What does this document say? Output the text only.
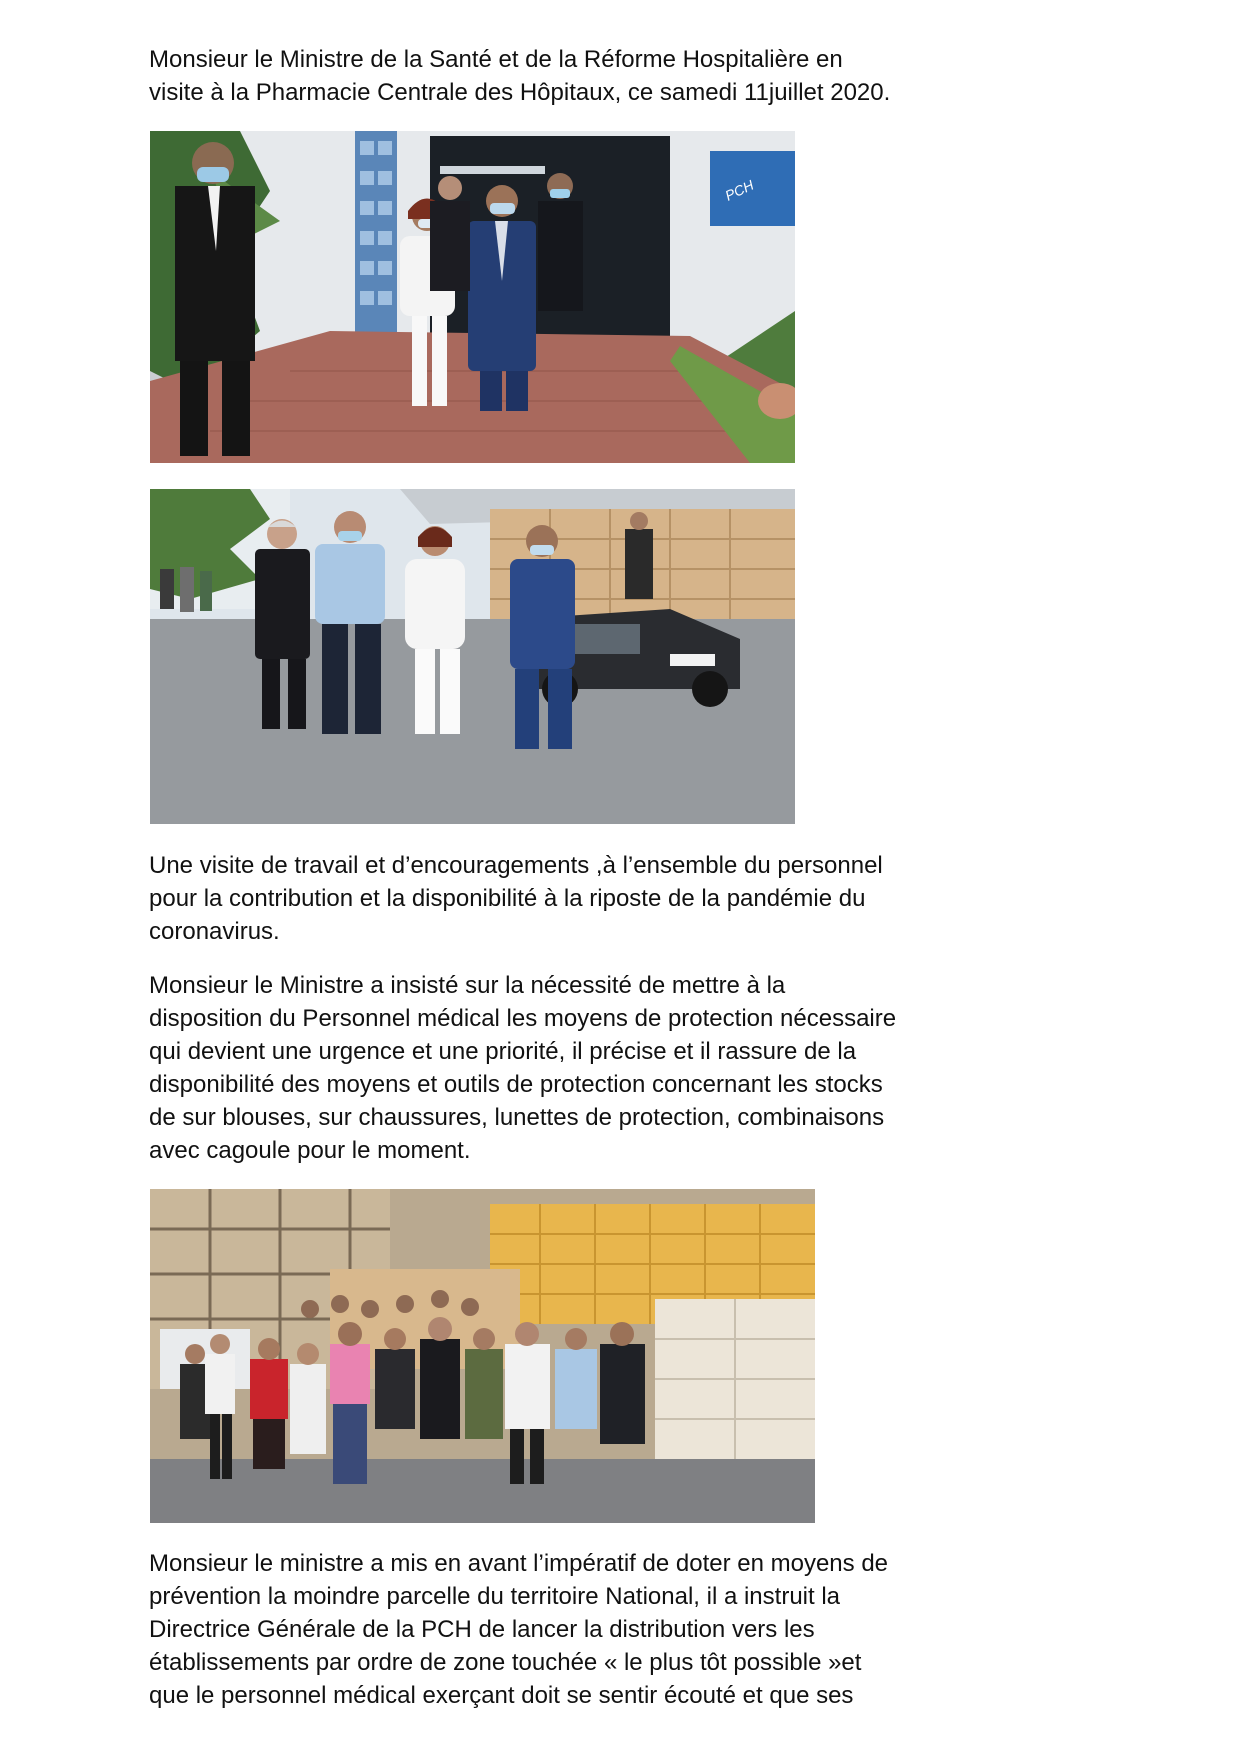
Monsieur le Ministre de la Santé et de la Réforme Hospitalière en
visite à la Pharmacie Centrale des Hôpitaux, ce samedi 11juillet 2020.

PCH

Une visite de travail et d’encouragements ,à l’ensemble du personnel
pour la contribution et la disponibilité à la riposte de la pandémie du
coronavirus.

Monsieur le Ministre a insisté sur la nécessité de mettre à la
disposition du Personnel médical les moyens de protection nécessaire
qui devient une urgence et une priorité, il précise et il rassure de la
disponibilité des moyens et outils de protection concernant les stocks
de sur blouses, sur chaussures, lunettes de protection, combinaisons
avec cagoule pour le moment.

Monsieur le ministre a mis en avant l’impératif de doter en moyens de
prévention la moindre parcelle du territoire National, il a instruit la
Directrice Générale de la PCH de lancer la distribution vers les
établissements par ordre de zone touchée « le plus tôt possible »et
que le personnel médical exerçant doit se sentir écouté et que ses
